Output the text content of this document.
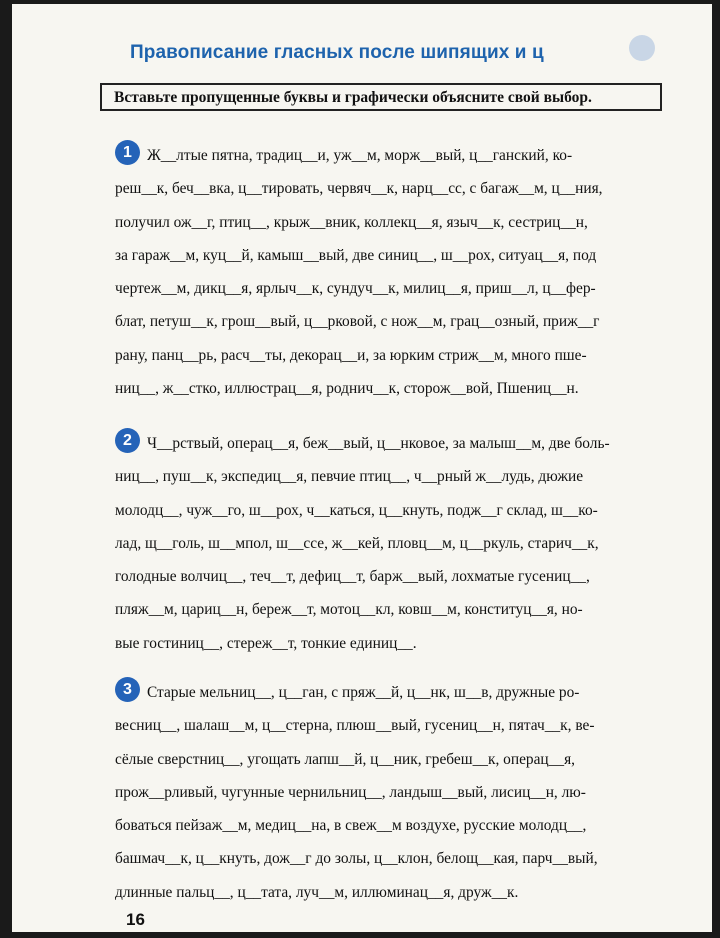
Правописание гласных после шипящих и ц
Вставьте пропущенные буквы и графически объясните свой выбор.
1 Ж__лтые пятна, традиц__и, уж__м, морж__вый, ц__ганский, ко-
реш__к, беч__вка, ц__тировать, червяч__к, нарц__сс, с багаж__м, ц__ния,
получил ож__г, птиц__, крыж__вник, коллекц__я, языч__к, сестриц__н,
за гараж__м, куц__й, камыш__вый, две синиц__, ш__рох, ситуац__я, под
чертеж__м, дикц__я, ярлыч__к, сундуч__к, милиц__я, приш__л, ц__фер-
блат, петуш__к, грош__вый, ц__рковой, с нож__м, грац__озный, приж__г
рану, панц__рь, расч__ты, декорац__и, за юрким стриж__м, много пше-
ниц__, ж__стко, иллюстрац__я, роднич__к, сторож__вой, Пшениц__н.
2 Ч__рствый, операц__я, беж__вый, ц__нковое, за малыш__м, две боль-
ниц__, пуш__к, экспедиц__я, певчие птиц__, ч__рный ж__лудь, дюжие
молодц__, чуж__го, ш__рох, ч__каться, ц__кнуть, подж__г склад, ш__ко-
лад, щ__голь, ш__мпол, ш__ссе, ж__кей, пловц__м, ц__ркуль, старич__к,
голодные волчиц__, теч__т, дефиц__т, барж__вый, лохматые гусениц__,
пляж__м, цариц__н, береж__т, мотоц__кл, ковш__м, конституц__я, но-
вые гостиниц__, стереж__т, тонкие единиц__.
3 Старые мельниц__, ц__ган, с пряж__й, ц__нк, ш__в, дружные ро-
весниц__, шалаш__м, ц__стерна, плюш__вый, гусениц__н, пятач__к, ве-
сёлые сверстниц__, угощать лапш__й, ц__ник, гребеш__к, операц__я,
прож__рливый, чугунные чернильниц__, ландыш__вый, лисиц__н, лю-
боваться пейзаж__м, медиц__на, в свеж__м воздухе, русские молодц__,
башмач__к, ц__кнуть, дож__г до золы, ц__клон, белощ__кая, парч__вый,
длинные пальц__, ц__тата, луч__м, иллюминац__я, друж__к.
16
